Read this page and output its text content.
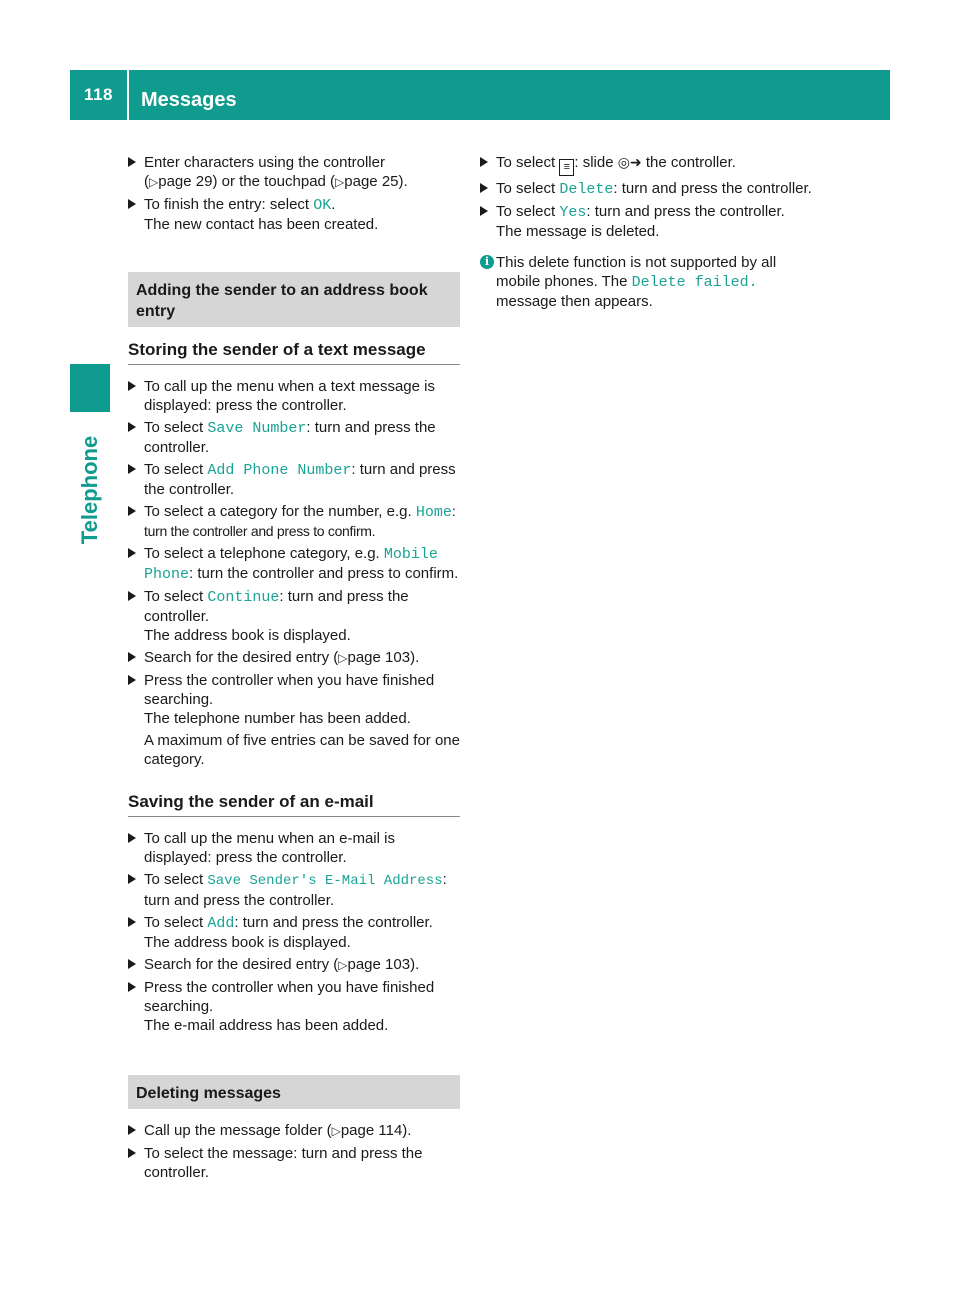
118	Messages
Telephone
Enter characters using the controller
(▷page 29) or the touchpad (▷page 25).
To finish the entry: select OK.
The new contact has been created.
Adding the sender to an address book entry
Storing the sender of a text message
To call up the menu when a text message is displayed: press the controller.
To select Save Number: turn and press the controller.
To select Add Phone Number: turn and press the controller.
To select a category for the number, e.g. Home: turn the controller and press to confirm.
To select a telephone category, e.g. Mobile Phone: turn the controller and press to confirm.
To select Continue: turn and press the controller.
The address book is displayed.
Search for the desired entry (▷page 103).
Press the controller when you have finished searching.
The telephone number has been added.
A maximum of five entries can be saved for one category.
Saving the sender of an e-mail
To call up the menu when an e-mail is displayed: press the controller.
To select Save Sender's E-Mail Address: turn and press the controller.
To select Add: turn and press the controller.
The address book is displayed.
Search for the desired entry (▷page 103).
Press the controller when you have finished searching.
The e-mail address has been added.
Deleting messages
Call up the message folder (▷page 114).
To select the message: turn and press the controller.
To select ≡ : slide ◎➜ the controller.
To select Delete: turn and press the controller.
To select Yes: turn and press the controller.
The message is deleted.
i This delete function is not supported by all mobile phones. The Delete failed. message then appears.
